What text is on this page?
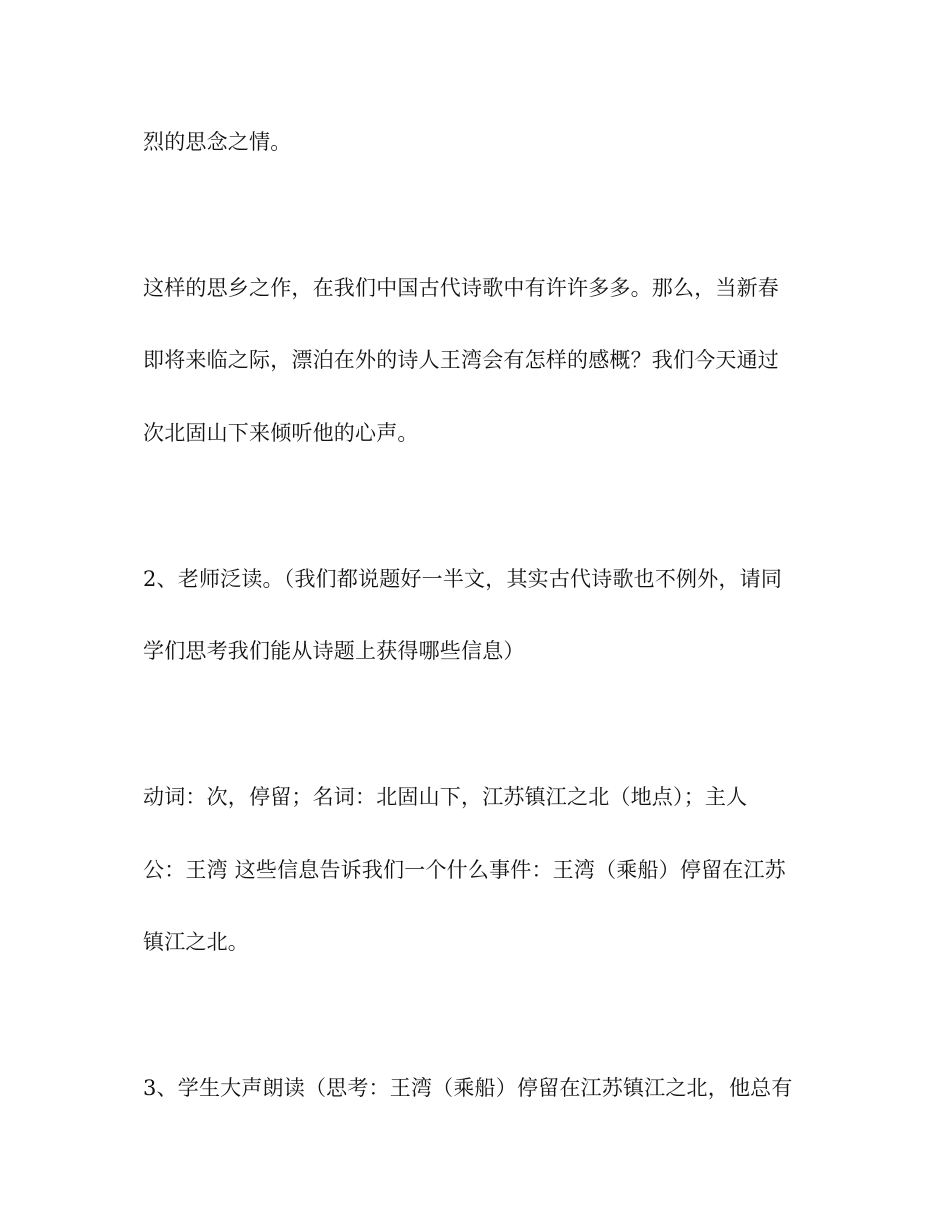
烈的思念之情。
这样的思乡之作，在我们中国古代诗歌中有许许多多。那么，当新春
即将来临之际，漂泊在外的诗人王湾会有怎样的感概？我们今天通过
次北固山下来倾听他的心声。
2、老师泛读。（我们都说题好一半文，其实古代诗歌也不例外，请同
学们思考我们能从诗题上获得哪些信息）
动词：次，停留；名词：北固山下，江苏镇江之北（地点）；主人
公：王湾 这些信息告诉我们一个什么事件：王湾（乘船）停留在江苏
镇江之北。
3、学生大声朗读（思考：王湾（乘船）停留在江苏镇江之北，他总有
